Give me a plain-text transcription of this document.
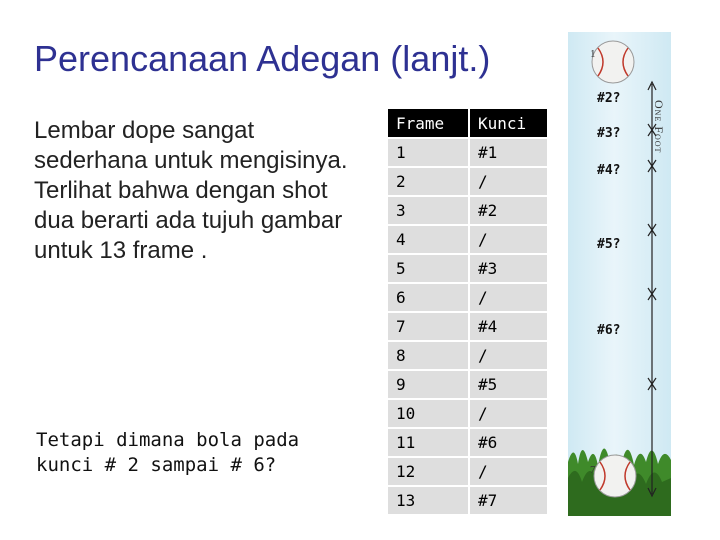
Perencanaan Adegan (lanjt.)
Lembar dope sangat sederhana untuk mengisinya. Terlihat bahwa dengan shot dua berarti ada tujuh gambar untuk 13 frame .
Tetapi dimana bola pada kunci # 2 sampai # 6?
Frame	Kunci
1	#1
2	/
3	#2
4	/
5	#3
6	/
7	#4
8	/
9	#5
10	/
11	#6
12	/
13	#7
1
7
One Foot
#2?
#3?
#4?
#5?
#6?
